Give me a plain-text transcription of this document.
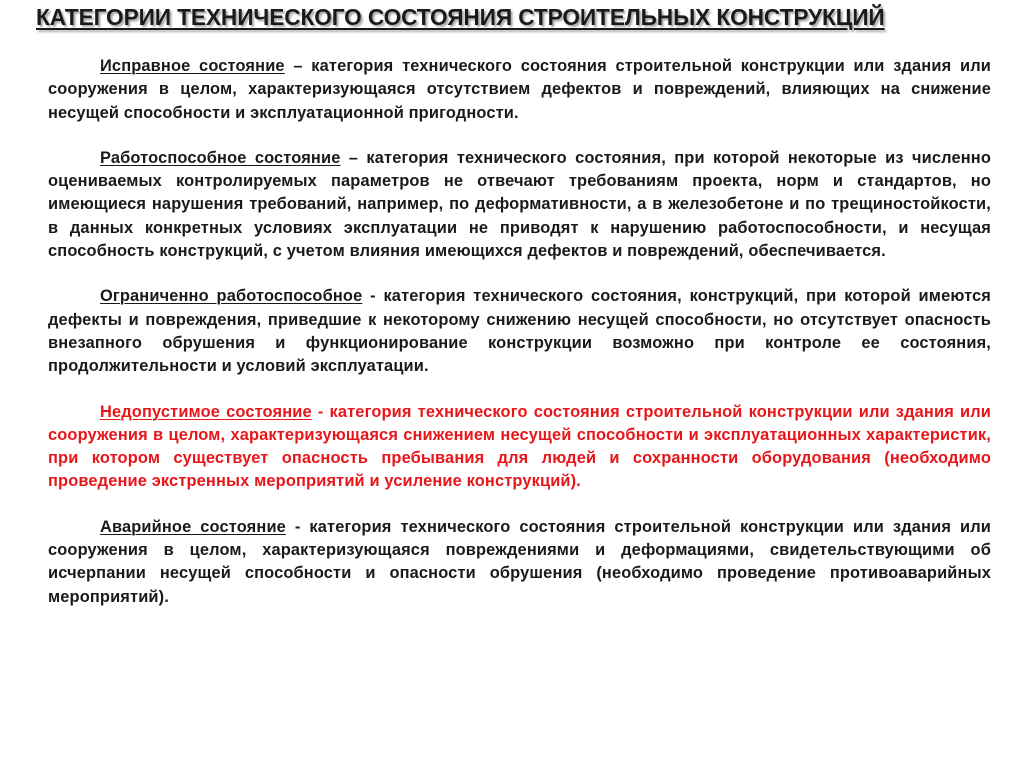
КАТЕГОРИИ ТЕХНИЧЕСКОГО СОСТОЯНИЯ СТРОИТЕЛЬНЫХ КОНСТРУКЦИЙ

Исправное состояние – категория технического состояния строительной конструкции или здания или сооружения в целом, характеризующаяся отсутствием дефектов и повреждений, влияющих на снижение несущей способности и эксплуатационной пригодности.

Работоспособное состояние – категория технического состояния, при которой некоторые из численно оцениваемых контролируемых параметров не отвечают требованиям проекта, норм и стандартов, но имеющиеся нарушения требований, например, по деформативности, а в железобетоне и по трещиностойкости, в данных конкретных условиях эксплуатации не приводят к нарушению работоспособности, и несущая способность конструкций, с учетом влияния имеющихся дефектов и повреждений, обеспечивается.

Ограниченно работоспособное - категория технического состояния, конструкций, при которой имеются дефекты и повреждения, приведшие к некоторому снижению несущей способности, но отсутствует опасность внезапного обрушения и функционирование конструкции возможно при контроле ее состояния, продолжительности и условий эксплуатации.

Недопустимое состояние - категория технического состояния строительной конструкции или здания или сооружения в целом, характеризующаяся снижением несущей способности и эксплуатационных характеристик, при котором существует опасность пребывания для людей и сохранности оборудования (необходимо проведение экстренных мероприятий и усиление конструкций).

Аварийное состояние - категория технического состояния строительной конструкции или здания или сооружения в целом, характеризующаяся повреждениями и деформациями, свидетельствующими об исчерпании несущей способности и опасности обрушения (необходимо проведение противоаварийных мероприятий).
